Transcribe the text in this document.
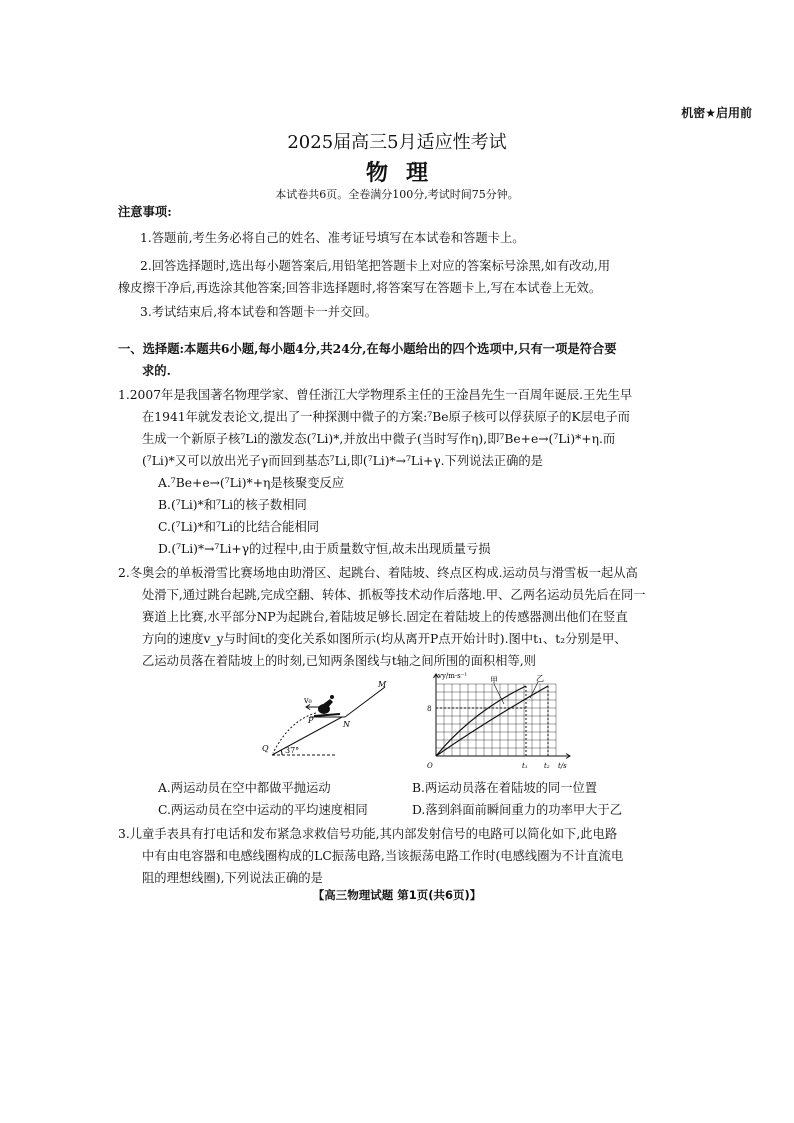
机密★启用前
2025届高三5月适应性考试
物理
本试卷共6页。全卷满分100分,考试时间75分钟。
注意事项:
1.答题前,考生务必将自己的姓名、准考证号填写在本试卷和答题卡上。
2.回答选择题时,选出每小题答案后,用铅笔把答题卡上对应的答案标号涂黑,如有改动,用
橡皮擦干净后,再选涂其他答案;回答非选择题时,将答案写在答题卡上,写在本试卷上无效。
3.考试结束后,将本试卷和答题卡一并交回。
一、选择题:本题共6小题,每小题4分,共24分,在每小题给出的四个选项中,只有一项是符合要
求的.
1.2007年是我国著名物理学家、曾任浙江大学物理系主任的王淦昌先生一百周年诞辰.王先生早
在1941年就发表论文,提出了一种探测中微子的方案:⁷Be原子核可以俘获原子的K层电子而
生成一个新原子核⁷Li的激发态(⁷Li)*,并放出中微子(当时写作η),即⁷Be+e→(⁷Li)*+η.而
(⁷Li)*又可以放出光子γ而回到基态⁷Li,即(⁷Li)*→⁷Li+γ.下列说法正确的是
A.⁷Be+e→(⁷Li)*+η是核聚变反应
B.(⁷Li)*和⁷Li的核子数相同
C.(⁷Li)*和⁷Li的比结合能相同
D.(⁷Li)*→⁷Li+γ的过程中,由于质量数守恒,故未出现质量亏损
2.冬奥会的单板滑雪比赛场地由助滑区、起跳台、着陆坡、终点区构成.运动员与滑雪板一起从高
处滑下,通过跳台起跳,完成空翻、转体、抓板等技术动作后落地.甲、乙两名运动员先后在同一
赛道上比赛,水平部分NP为起跳台,着陆坡足够长.固定在着陆坡上的传感器测出他们在竖直
方向的速度v_y与时间t的变化关系如图所示(均从离开P点开始计时).图中t₁、t₂分别是甲、
乙运动员落在着陆坡上的时刻,已知两条图线与t轴之间所围的面积相等,则
v₀
P
M
N
Q 37°
vy/m·s⁻¹
8
O	t₁ t₂ t/s
甲	乙
A.两运动员在空中都做平抛运动	B.两运动员落在着陆坡的同一位置
C.两运动员在空中运动的平均速度相同	D.落到斜面前瞬间重力的功率甲大于乙
3.儿童手表具有打电话和发布紧急求救信号功能,其内部发射信号的电路可以简化如下,此电路
中有由电容器和电感线圈构成的LC振荡电路,当该振荡电路工作时(电感线圈为不计直流电
阻的理想线圈),下列说法正确的是
【高三物理试题 第1页(共6页)】
